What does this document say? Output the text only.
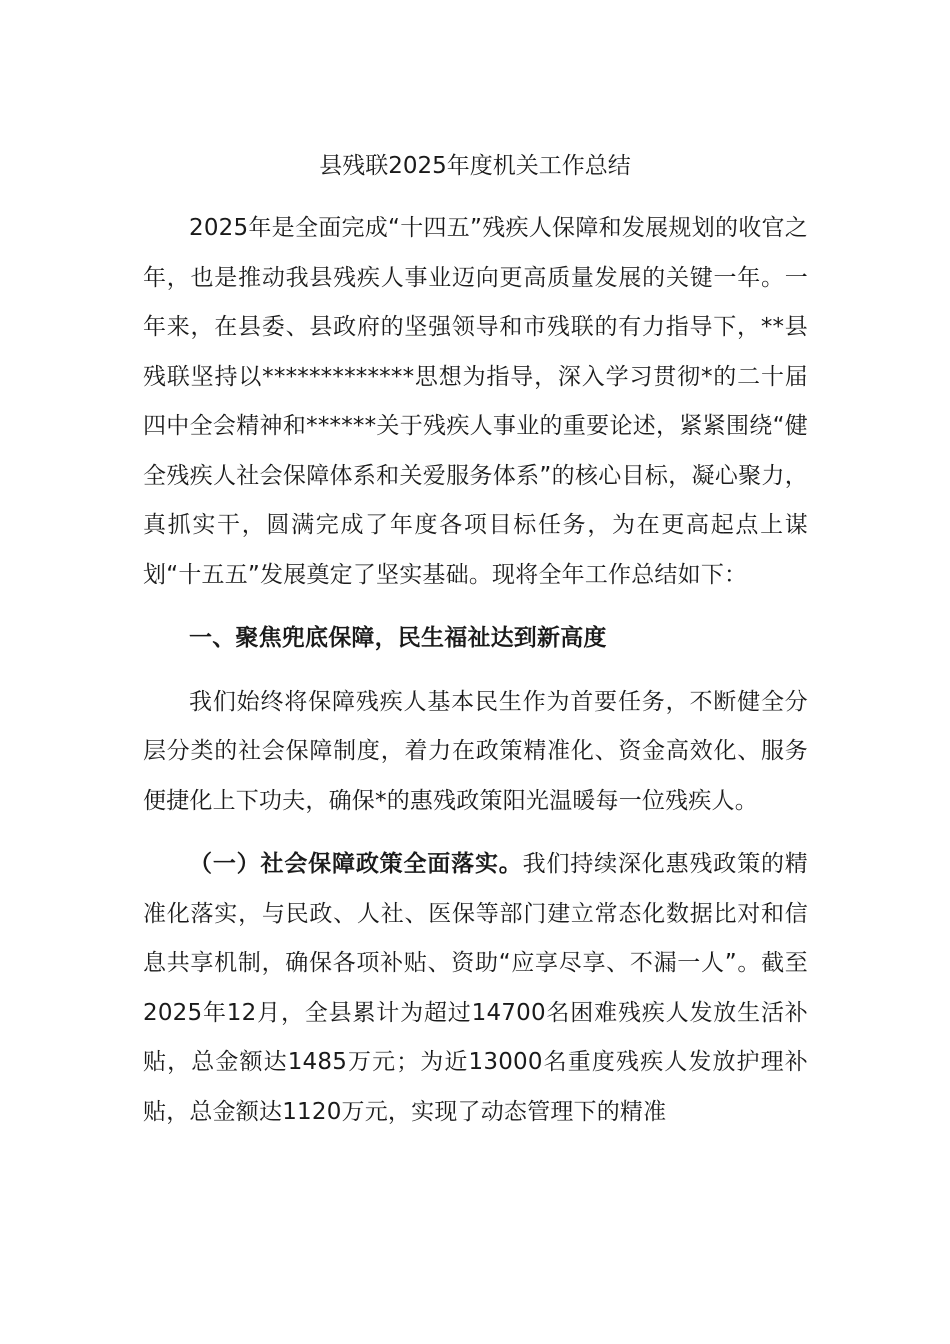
县残联2025年度机关工作总结

2025年是全面完成“十四五”残疾人保障和发展规划的收官之年，也是推动我县残疾人事业迈向更高质量发展的关键一年。一年来，在县委、县政府的坚强领导和市残联的有力指导下，**县残联坚持以*************思想为指导，深入学习贯彻*的二十届四中全会精神和******关于残疾人事业的重要论述，紧紧围绕“健全残疾人社会保障体系和关爱服务体系”的核心目标，凝心聚力，真抓实干，圆满完成了年度各项目标任务，为在更高起点上谋划“十五五”发展奠定了坚实基础。现将全年工作总结如下：

一、聚焦兜底保障，民生福祉达到新高度

我们始终将保障残疾人基本民生作为首要任务，不断健全分层分类的社会保障制度，着力在政策精准化、资金高效化、服务便捷化上下功夫，确保*的惠残政策阳光温暖每一位残疾人。

（一）社会保障政策全面落实。我们持续深化惠残政策的精准化落实，与民政、人社、医保等部门建立常态化数据比对和信息共享机制，确保各项补贴、资助“应享尽享、不漏一人”。截至2025年12月，全县累计为超过14700名困难残疾人发放生活补贴，总金额达1485万元；为近13000名重度残疾人发放护理补贴，总金额达1120万元，实现了动态管理下的精准
